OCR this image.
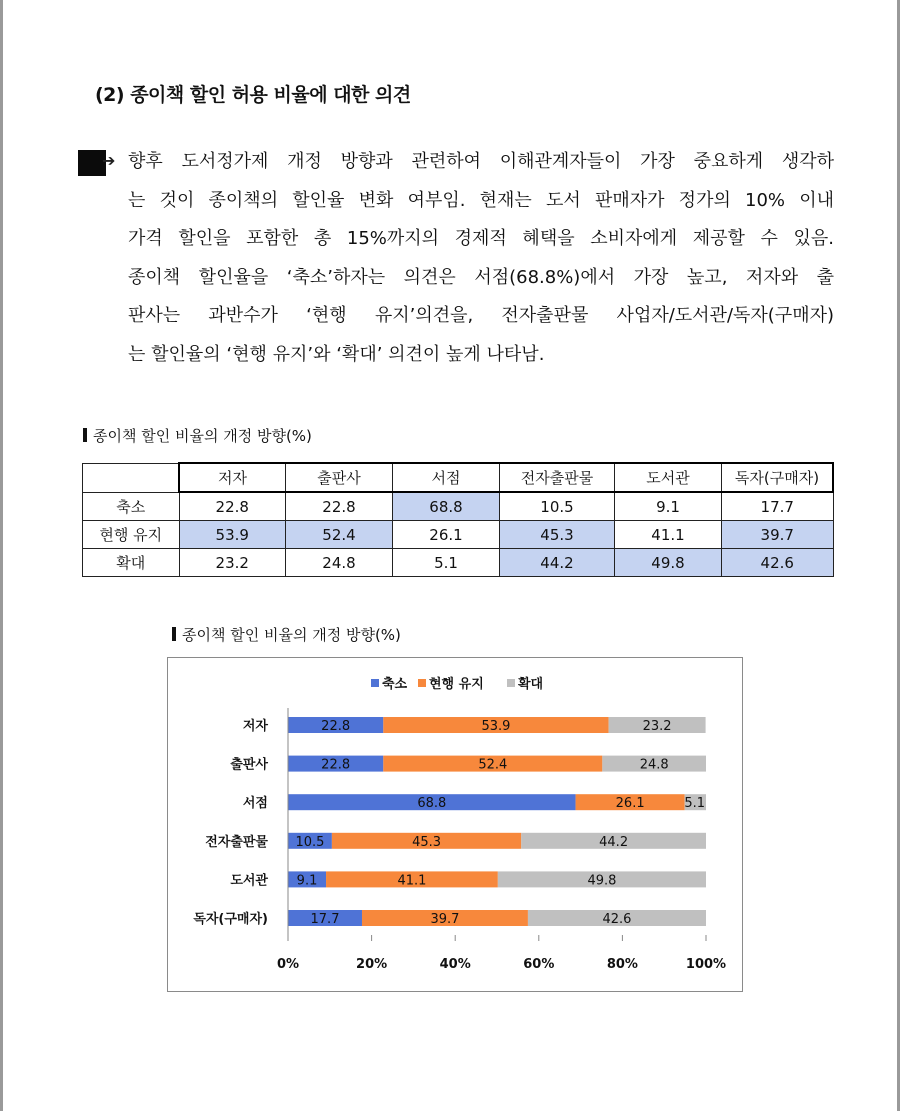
(2) 종이책 할인 허용 비율에 대한 의견
➔ 향후 도서정가제 개정 방향과 관련하여 이해관계자들이 가장 중요하게 생각하
는 것이 종이책의 할인율 변화 여부임. 현재는 도서 판매자가 정가의 10% 이내
가격 할인을 포함한 총 15%까지의 경제적 혜택을 소비자에게 제공할 수 있음.
종이책 할인율을 ‘축소’하자는 의견은 서점(68.8%)에서 가장 높고, 저자와 출
판사는 과반수가 ‘현행 유지’의견을, 전자출판물 사업자/도서관/독자(구매자)
는 할인율의 ‘현행 유지’와 ‘확대’ 의견이 높게 나타남.
종이책 할인 비율의 개정 방향(%)
	저자	출판사	서점	전자출판물	도서관	독자(구매자)
축소	22.8	22.8	68.8	10.5	9.1	17.7
현행 유지	53.9	52.4	26.1	45.3	41.1	39.7
확대	23.2	24.8	5.1	44.2	49.8	42.6
종이책 할인 비율의 개정 방향(%)
축소 현행 유지	확대
저자	22.8	53.9	23.2
출판사	22.8	52.4	24.8
서점	68.8	26.1	5.1
전자출판물 10.5	45.3	44.2
도서관 9.1	41.1	49.8
독자(구매자)	17.7	39.7	42.6
0%	20%	40%	60%	80%	100%
